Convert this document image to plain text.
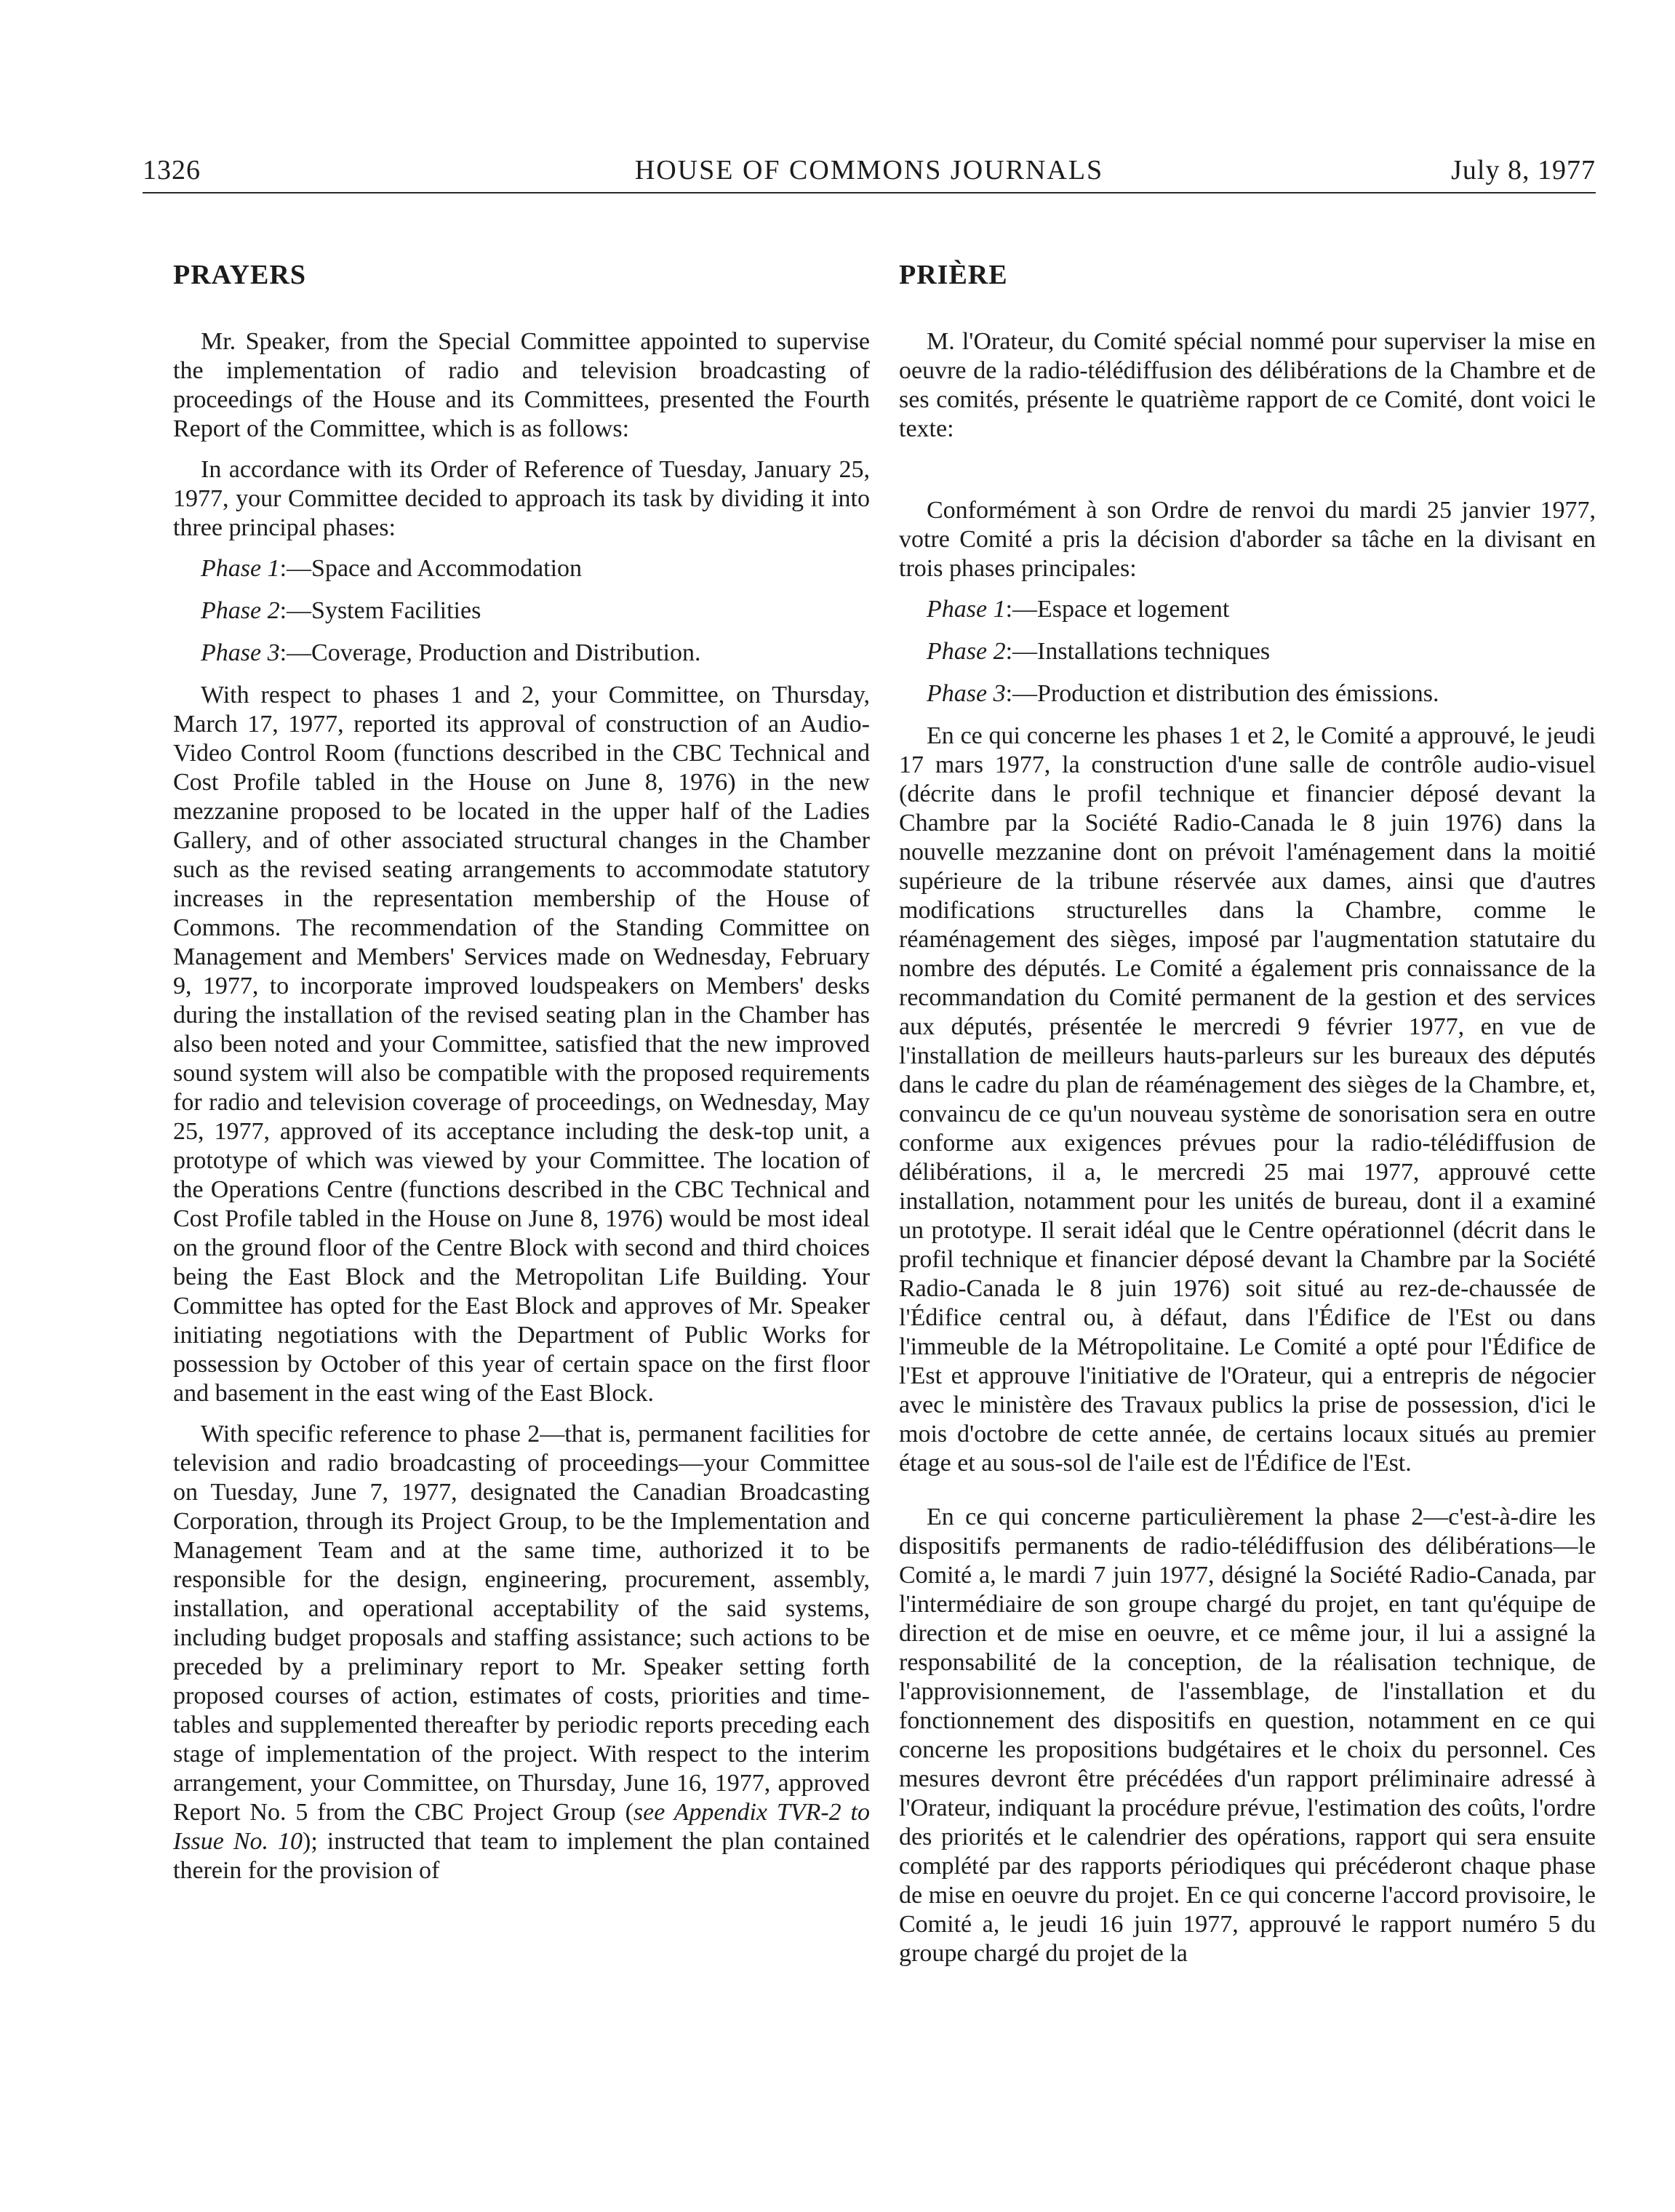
1326	HOUSE OF COMMONS JOURNALS	July 8, 1977
PRAYERS

Mr. Speaker, from the Special Committee appointed to supervise the implementation of radio and television broadcasting of proceedings of the House and its Committees, presented the Fourth Report of the Committee, which is as follows:

In accordance with its Order of Reference of Tuesday, January 25, 1977, your Committee decided to approach its task by dividing it into three principal phases:

Phase 1:—Space and Accommodation

Phase 2:—System Facilities

Phase 3:—Coverage, Production and Distribution.

With respect to phases 1 and 2, your Committee, on Thursday, March 17, 1977, reported its approval of construction of an Audio-Video Control Room (functions described in the CBC Technical and Cost Profile tabled in the House on June 8, 1976) in the new mezzanine proposed to be located in the upper half of the Ladies Gallery, and of other associated structural changes in the Chamber such as the revised seating arrangements to accommodate statutory increases in the representation membership of the House of Commons. The recommendation of the Standing Committee on Management and Members' Services made on Wednesday, February 9, 1977, to incorporate improved loudspeakers on Members' desks during the installation of the revised seating plan in the Chamber has also been noted and your Committee, satisfied that the new improved sound system will also be compatible with the proposed requirements for radio and television coverage of proceedings, on Wednesday, May 25, 1977, approved of its acceptance including the desk-top unit, a prototype of which was viewed by your Committee. The location of the Operations Centre (functions described in the CBC Technical and Cost Profile tabled in the House on June 8, 1976) would be most ideal on the ground floor of the Centre Block with second and third choices being the East Block and the Metropolitan Life Building. Your Committee has opted for the East Block and approves of Mr. Speaker initiating negotiations with the Department of Public Works for possession by October of this year of certain space on the first floor and basement in the east wing of the East Block.

With specific reference to phase 2—that is, permanent facilities for television and radio broadcasting of proceedings—your Committee on Tuesday, June 7, 1977, designated the Canadian Broadcasting Corporation, through its Project Group, to be the Implementation and Management Team and at the same time, authorized it to be responsible for the design, engineering, procurement, assembly, installation, and operational acceptability of the said systems, including budget proposals and staffing assistance; such actions to be preceded by a preliminary report to Mr. Speaker setting forth proposed courses of action, estimates of costs, priorities and time-tables and supplemented thereafter by periodic reports preceding each stage of implementation of the project. With respect to the interim arrangement, your Committee, on Thursday, June 16, 1977, approved Report No. 5 from the CBC Project Group (see Appendix TVR-2 to Issue No. 10); instructed that team to implement the plan contained therein for the provision of

PRIÈRE

M. l'Orateur, du Comité spécial nommé pour superviser la mise en oeuvre de la radio-télédiffusion des délibérations de la Chambre et de ses comités, présente le quatrième rapport de ce Comité, dont voici le texte:

Conformément à son Ordre de renvoi du mardi 25 janvier 1977, votre Comité a pris la décision d'aborder sa tâche en la divisant en trois phases principales:

Phase 1:—Espace et logement

Phase 2:—Installations techniques

Phase 3:—Production et distribution des émissions.

En ce qui concerne les phases 1 et 2, le Comité a approuvé, le jeudi 17 mars 1977, la construction d'une salle de contrôle audio-visuel (décrite dans le profil technique et financier déposé devant la Chambre par la Société Radio-Canada le 8 juin 1976) dans la nouvelle mezzanine dont on prévoit l'aménagement dans la moitié supérieure de la tribune réservée aux dames, ainsi que d'autres modifications structurelles dans la Chambre, comme le réaménagement des sièges, imposé par l'augmentation statutaire du nombre des députés. Le Comité a également pris connaissance de la recommandation du Comité permanent de la gestion et des services aux députés, présentée le mercredi 9 février 1977, en vue de l'installation de meilleurs hauts-parleurs sur les bureaux des députés dans le cadre du plan de réaménagement des sièges de la Chambre, et, convaincu de ce qu'un nouveau système de sonorisation sera en outre conforme aux exigences prévues pour la radio-télédiffusion de délibérations, il a, le mercredi 25 mai 1977, approuvé cette installation, notamment pour les unités de bureau, dont il a examiné un prototype. Il serait idéal que le Centre opérationnel (décrit dans le profil technique et financier déposé devant la Chambre par la Société Radio-Canada le 8 juin 1976) soit situé au rez-de-chaussée de l'Édifice central ou, à défaut, dans l'Édifice de l'Est ou dans l'immeuble de la Métropolitaine. Le Comité a opté pour l'Édifice de l'Est et approuve l'initiative de l'Orateur, qui a entrepris de négocier avec le ministère des Travaux publics la prise de possession, d'ici le mois d'octobre de cette année, de certains locaux situés au premier étage et au sous-sol de l'aile est de l'Édifice de l'Est.

En ce qui concerne particulièrement la phase 2—c'est-à-dire les dispositifs permanents de radio-télédiffusion des délibérations—le Comité a, le mardi 7 juin 1977, désigné la Société Radio-Canada, par l'intermédiaire de son groupe chargé du projet, en tant qu'équipe de direction et de mise en oeuvre, et ce même jour, il lui a assigné la responsabilité de la conception, de la réalisation technique, de l'approvisionnement, de l'assemblage, de l'installation et du fonctionnement des dispositifs en question, notamment en ce qui concerne les propositions budgétaires et le choix du personnel. Ces mesures devront être précédées d'un rapport préliminaire adressé à l'Orateur, indiquant la procédure prévue, l'estimation des coûts, l'ordre des priorités et le calendrier des opérations, rapport qui sera ensuite complété par des rapports périodiques qui précéderont chaque phase de mise en oeuvre du projet. En ce qui concerne l'accord provisoire, le Comité a, le jeudi 16 juin 1977, approuvé le rapport numéro 5 du groupe chargé du projet de la
